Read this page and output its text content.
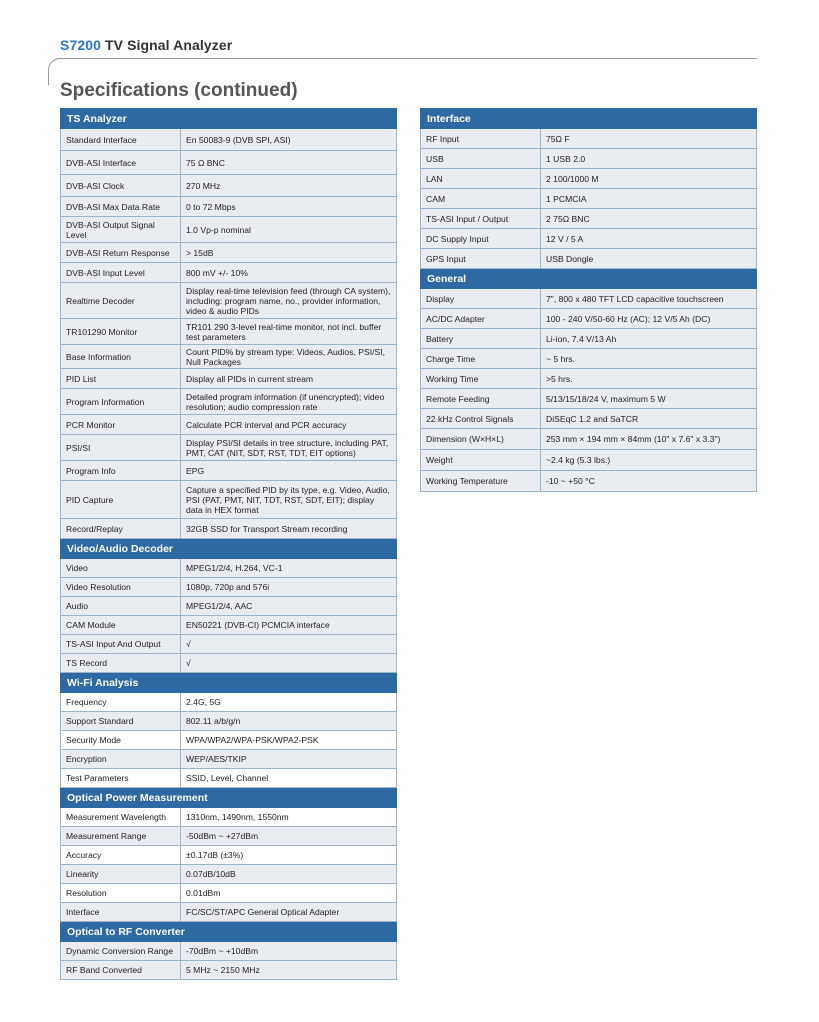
S7200 TV Signal Analyzer
Specifications (continued)
TS Analyzer	
Standard Interface	En 50083-9 (DVB SPI, ASI)
DVB-ASI Interface	75 Ω BNC
DVB-ASI Clock	270 MHz
DVB-ASI Max Data Rate	0 to 72 Mbps
DVB-ASI Output Signal Level	1.0 Vp-p nominal
DVB-ASI Return Response	> 15dB
DVB-ASI Input Level	800 mV +/- 10%
Realtime Decoder	Display real-time television feed (through CA system), including: program name, no., provider information, video & audio PIDs
TR101290 Monitor	TR101 290 3-level real-time monitor, not incl. buffer test parameters
Base Information	Count PID% by stream type: Videos, Audios, PSI/SI, Null Packages
PID List	Display all PIDs in current stream
Program Information	Detailed program information (if unencrypted); video resolution; audio compression rate
PCR Monitor	Calculate PCR interval and PCR accuracy
PSI/SI	Display PSI/SI details in tree structure, including PAT, PMT, CAT (NIT, SDT, RST, TDT, EIT options)
Program Info	EPG
PID Capture	Capture a specified PID by its type, e.g. Video, Audio, PSI (PAT, PMT, NIT, TDT, RST, SDT, EIT); display data in HEX format
Record/Replay	32GB SSD for Transport Stream recording
Video/Audio Decoder	
Video	MPEG1/2/4, H.264, VC-1
Video Resolution	1080p, 720p and 576i
Audio	MPEG1/2/4, AAC
CAM Module	EN50221 (DVB-CI) PCMCIA interface
TS-ASI Input And Output	√
TS Record	√
Wi-Fi Analysis	
Frequency	2.4G, 5G
Support Standard	802.11 a/b/g/n
Security Mode	WPA/WPA2/WPA-PSK/WPA2-PSK
Encryption	WEP/AES/TKIP
Test Parameters	SSID, Level, Channel
Optical Power Measurement	
Measurement Wavelength	1310nm, 1490nm, 1550nm
Measurement Range	-50dBm ~ +27dBm
Accuracy	±0.17dB (±3%)
Linearity	0.07dB/10dB
Resolution	0.01dBm
Interface	FC/SC/ST/APC General Optical Adapter
Optical to RF Converter	
Dynamic Conversion Range	-70dBm ~ +10dBm
RF Band Converted	5 MHz ~ 2150 MHz
Interface	
RF Input	75Ω F
USB	1 USB 2.0
LAN	2 100/1000 M
CAM	1 PCMCIA
TS-ASI Input / Output	2 75Ω BNC
DC Supply Input	12 V / 5 A
GPS Input	USB Dongle
General	
Display	7", 800 x 480 TFT LCD capacitive touchscreen
AC/DC Adapter	100 - 240 V/50-60 Hz (AC); 12 V/5 Ah (DC)
Battery	Li-ion, 7.4 V/13 Ah
Charge Time	~ 5 hrs.
Working Time	>5 hrs.
Remote Feeding	5/13/15/18/24 V, maximum 5 W
22 kHz Control Signals	DiSEqC 1.2 and SaTCR
Dimension (W×H×L)	253 mm × 194 mm × 84mm (10" x 7.6" x 3.3")
Weight	~2.4 kg (5.3 lbs.)
Working Temperature	-10 ~ +50 °C
